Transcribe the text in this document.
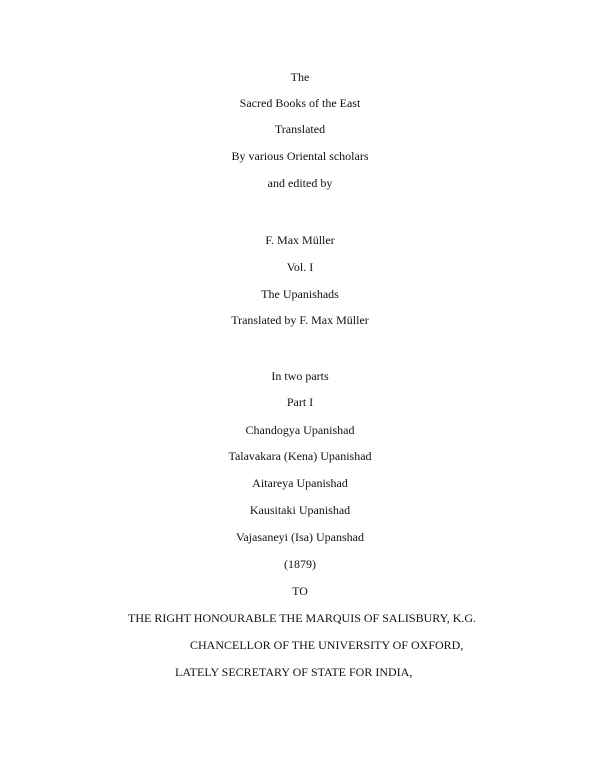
The
Sacred Books of the East
Translated
By various Oriental scholars
and edited by
F. Max Müller
Vol. I
The Upanishads
Translated by F. Max Müller
In two parts
Part I
Chandogya Upanishad
Talavakara (Kena) Upanishad
Aitareya Upanishad
Kausitaki Upanishad
Vajasaneyi (Isa) Upanshad
(1879)
TO
THE RIGHT HONOURABLE THE MARQUIS OF SALISBURY, K.G.
CHANCELLOR OF THE UNIVERSITY OF OXFORD,
LATELY SECRETARY OF STATE FOR INDIA,
